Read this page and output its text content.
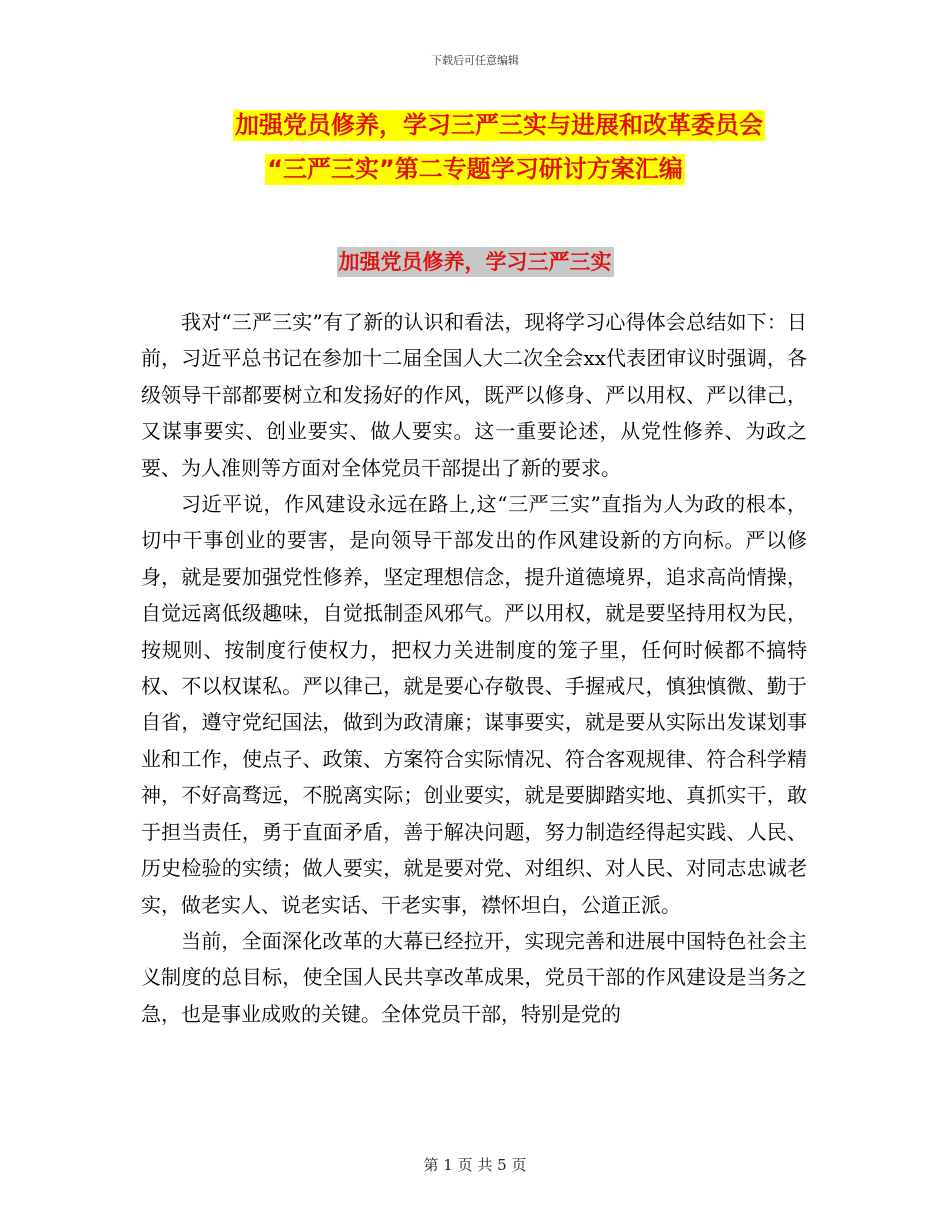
下载后可任意编辑
加强党员修养，学习三严三实与进展和改革委员会
“三严三实”第二专题学习研讨方案汇编
加强党员修养，学习三严三实

我对“三严三实”有了新的认识和看法，现将学习心得体会总结如下：日前，习近平总书记在参加十二届全国人大二次全会xx代表团审议时强调，各级领导干部都要树立和发扬好的作风，既严以修身、严以用权、严以律己，又谋事要实、创业要实、做人要实。这一重要论述，从党性修养、为政之要、为人准则等方面对全体党员干部提出了新的要求。

习近平说，作风建设永远在路上,这“三严三实”直指为人为政的根本，切中干事创业的要害，是向领导干部发出的作风建设新的方向标。严以修身，就是要加强党性修养，坚定理想信念，提升道德境界，追求高尚情操，自觉远离低级趣味，自觉抵制歪风邪气。严以用权，就是要坚持用权为民，按规则、按制度行使权力，把权力关进制度的笼子里，任何时候都不搞特权、不以权谋私。严以律己，就是要心存敬畏、手握戒尺，慎独慎微、勤于自省，遵守党纪国法，做到为政清廉；谋事要实，就是要从实际出发谋划事业和工作，使点子、政策、方案符合实际情况、符合客观规律、符合科学精神，不好高骛远，不脱离实际；创业要实，就是要脚踏实地、真抓实干，敢于担当责任，勇于直面矛盾，善于解决问题，努力制造经得起实践、人民、历史检验的实绩；做人要实，就是要对党、对组织、对人民、对同志忠诚老实，做老实人、说老实话、干老实事，襟怀坦白，公道正派。

当前，全面深化改革的大幕已经拉开，实现完善和进展中国特色社会主义制度的总目标，使全国人民共享改革成果，党员干部的作风建设是当务之急，也是事业成败的关键。全体党员干部，特别是党的

第 1 页 共 5 页
